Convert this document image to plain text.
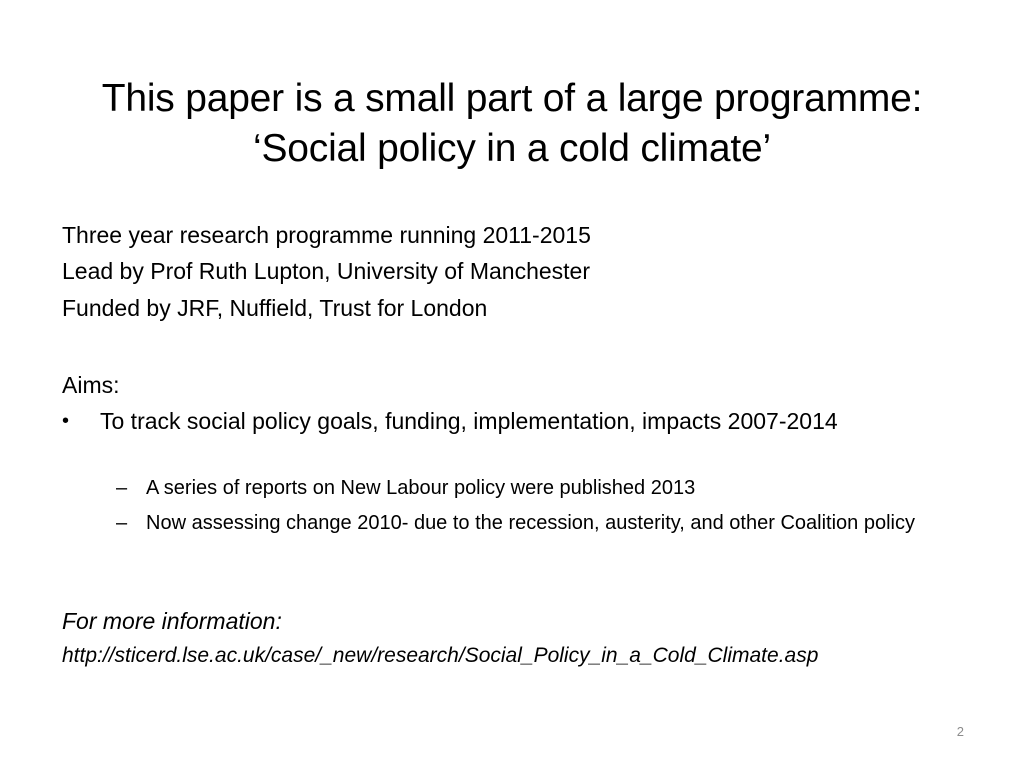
This paper is a small part of a large programme:
‘Social policy in a cold climate’
Three year research programme running 2011-2015
Lead by Prof Ruth Lupton, University of Manchester
Funded by JRF, Nuffield, Trust for London
Aims:
• To track social policy goals, funding, implementation, impacts 2007-2014
– A series of reports on New Labour policy were published 2013
– Now assessing change 2010- due to the recession, austerity, and other Coalition policy
For more information:
http://sticerd.lse.ac.uk/case/_new/research/Social_Policy_in_a_Cold_Climate.asp
2
